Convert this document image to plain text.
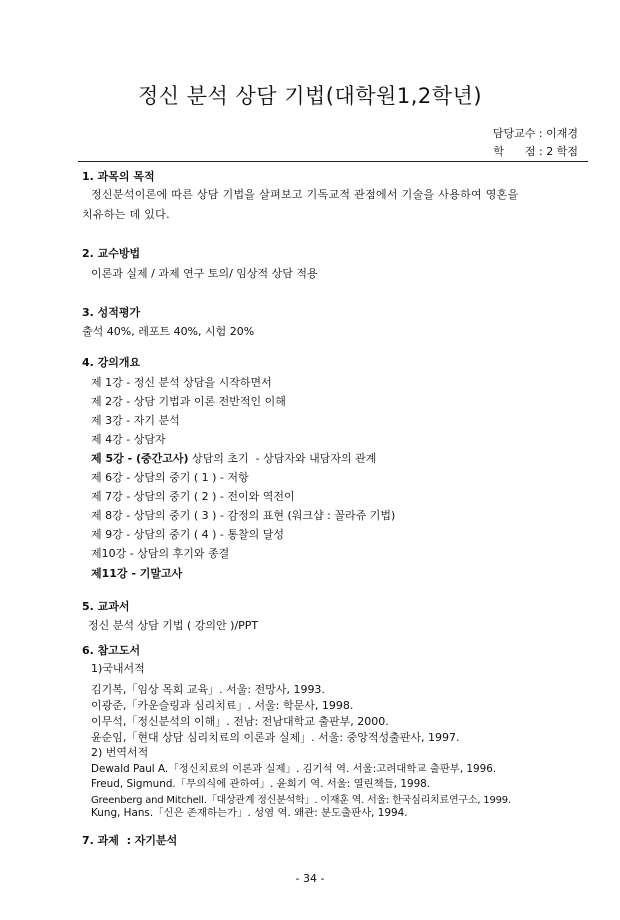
정신 분석 상담 기법(대학원1,2학년)
담당교수 : 이재경
학      점 : 2 학점
1. 과목의 목적
정신분석이론에 따른 상담 기법을 살펴보고 기독교적 관점에서 기술을 사용하여 영혼을
치유하는 데 있다.
2. 교수방법
이론과 실제 / 과제 연구 토의/ 임상적 상담 적용
3. 성적평가
출석 40%, 레포트 40%, 시험 20%
4. 강의개요
제 1강 - 정신 분석 상담을 시작하면서
제 2강 - 상담 기법과 이론 전반적인 이해
제 3강 - 자기 분석
제 4강 - 상담자
제 5강 - (중간고사) 상담의 초기  - 상담자와 내담자의 관계
제 6강 - 상담의 중기 ( 1 ) - 저항
제 7강 - 상담의 중기 ( 2 ) - 전이와 역전이
제 8강 - 상담의 중기 ( 3 ) - 감정의 표현 (워크샵 : 꼴라쥬 기법)
제 9강 - 상담의 중기 ( 4 ) - 통찰의 달성
제10강 - 상담의 후기와 종결
제11강 - 기말고사
5. 교과서
정신 분석 상담 기법 ( 강의안 )/PPT
6. 참고도서
1)국내서적
김기복,「임상 목회 교육」. 서울: 전망사, 1993.
이광준,「카운슬링과 심리치료」. 서울: 학문사, 1998.
이무석,「정신분석의 이해」. 전남: 전남대학교 출판부, 2000.
윤순임,「현대 상담 심리치료의 이론과 실제」. 서울: 중앙적성출판사, 1997.
2) 번역서적
Dewald Paul A.「정신치료의 이론과 실제」. 김기석 역. 서울:고려대학교 출판부, 1996.
Freud, Sigmund.「무의식에 관하여」. 윤희기 역. 서울: 열린책들, 1998.
Greenberg and Mitchell.「대상관계 정신분석학」. 이재훈 역. 서울: 한국심리치료연구소, 1999.
Kung, Hans.「신은 존재하는가」. 성염 역. 왜관: 분도출판사, 1994.
7. 과제  : 자기분석
- 34 -
